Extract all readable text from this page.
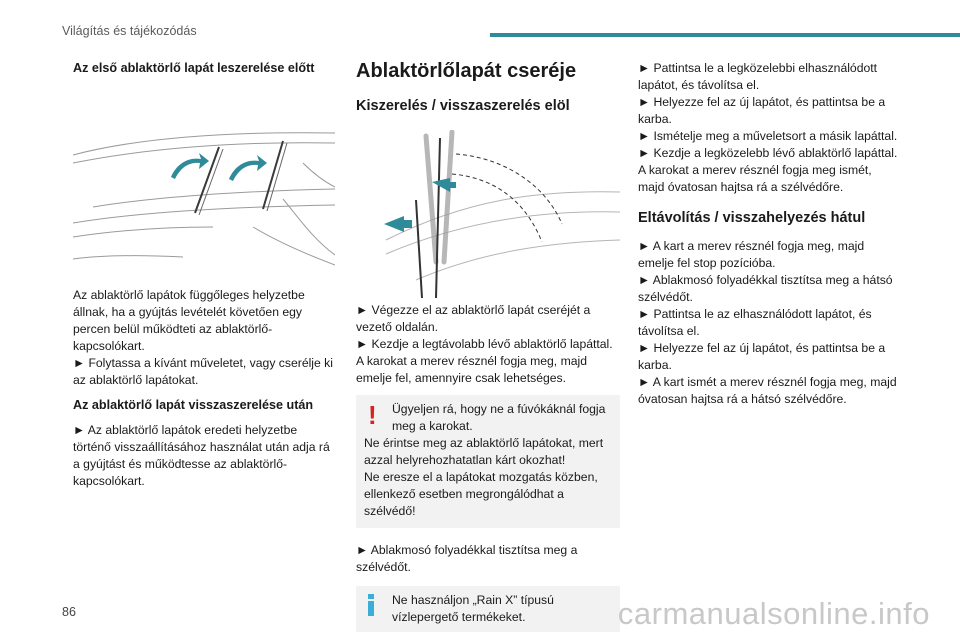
Világítás és tájékozódás
Az első ablaktörlő lapát leszerelése előtt

Az ablaktörlő lapátok függőleges helyzetbe állnak, ha a gyújtás levételét követően egy percen belül működteti az ablaktörlő-kapcsolókart.

► Folytassa a kívánt műveletet, vagy cserélje ki az ablaktörlő lapátokat.

Az ablaktörlő lapát visszaszerelése után

► Az ablaktörlő lapátok eredeti helyzetbe történő visszaállításához használat után adja rá a gyújtást és működtesse az ablaktörlő-kapcsolókart.

Ablaktörlőlapát cseréje
Kiszerelés / visszaszerelés elöl

► Végezze el az ablaktörlő lapát cseréjét a vezető oldalán.

► Kezdje a legtávolabb lévő ablaktörlő lapáttal.

A karokat a merev résznél fogja meg, majd emelje fel, amennyire csak lehetséges.

!	Ügyeljen rá, hogy ne a fúvókáknál fogja meg a karokat.

Ne érintse meg az ablaktörlő lapátokat, mert azzal helyrehozhatatlan kárt okozhat!

Ne eresze el a lapátokat mozgatás közben, ellenkező esetben megrongálódhat a szélvédő!

► Ablakmosó folyadékkal tisztítsa meg a szélvédőt.

Ne használjon „Rain X” típusú vízlepergető termékeket.

► Pattintsa le a legközelebbi elhasználódott lapátot, és távolítsa el.

► Helyezze fel az új lapátot, és pattintsa be a karba.

► Ismételje meg a műveletsort a másik lapáttal.

► Kezdje a legközelebb lévő ablaktörlő lapáttal.

A karokat a merev résznél fogja meg ismét, majd óvatosan hajtsa rá a szélvédőre.

Eltávolítás / visszahelyezés hátul

► A kart a merev résznél fogja meg, majd emelje fel stop pozícióba.

► Ablakmosó folyadékkal tisztítsa meg a hátsó szélvédőt.

► Pattintsa le az elhasználódott lapátot, és távolítsa el.

► Helyezze fel az új lapátot, és pattintsa be a karba.

► A kart ismét a merev résznél fogja meg, majd óvatosan hajtsa rá a hátsó szélvédőre.

86	carmanualsonline.info
